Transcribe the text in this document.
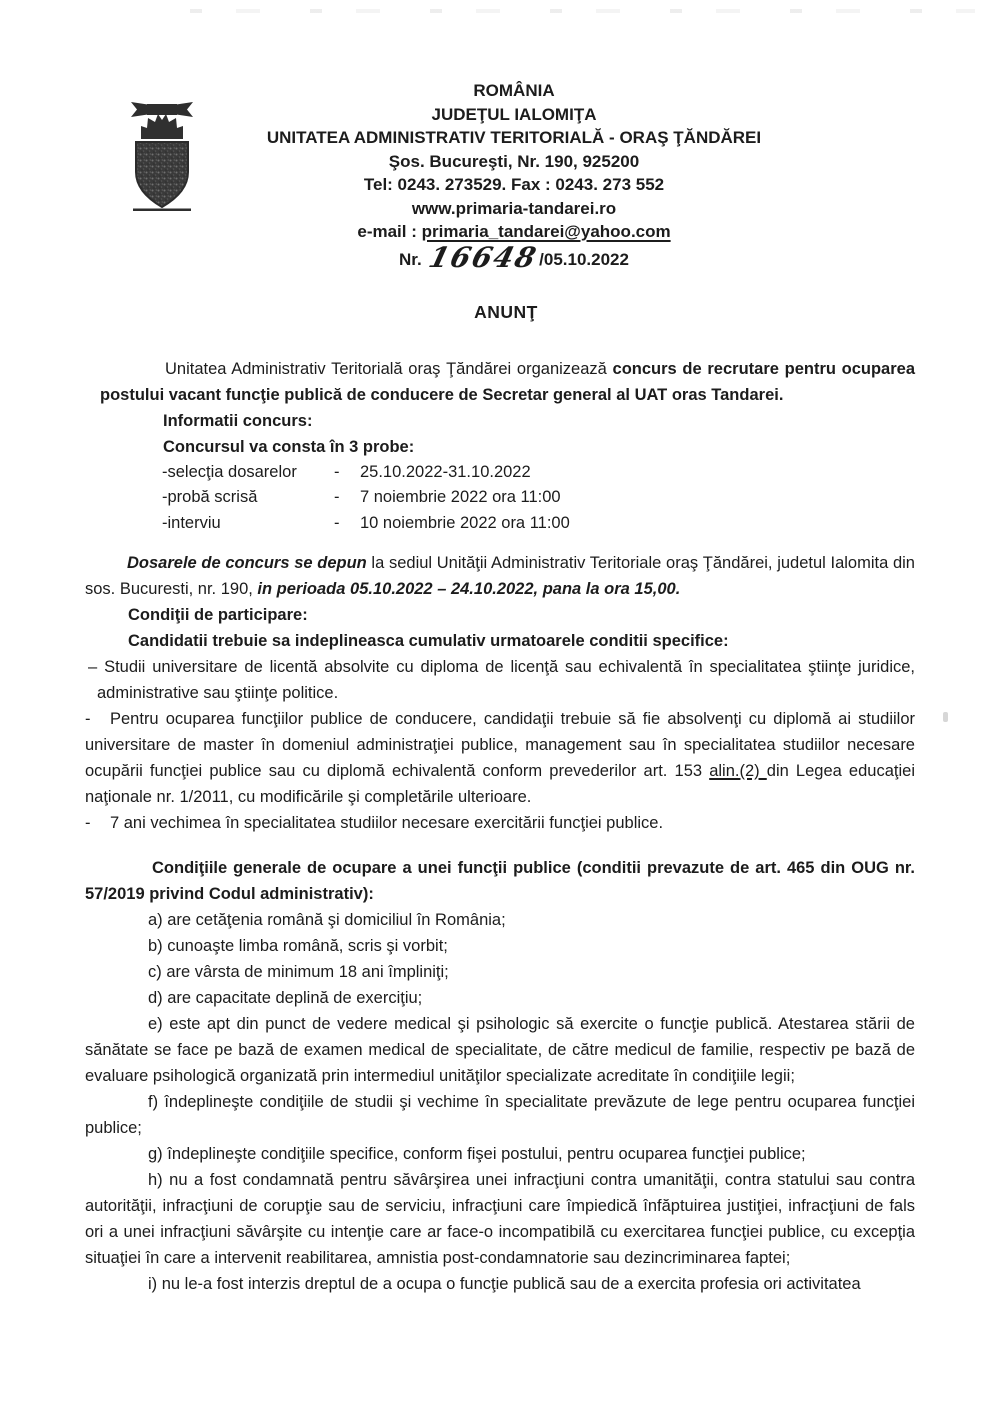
ROMÂNIA
JUDEŢUL IALOMIŢA
UNITATEA ADMINISTRATIV TERITORIALĂ - ORAŞ ŢĂNDĂREI
Şos. Bucureşti, Nr. 190, 925200
Tel: 0243. 273529. Fax : 0243. 273 552
www.primaria-tandarei.ro
e-mail : primaria_tandarei@yahoo.com
Nr. 16648/05.10.2022
ANUNŢ

Unitatea Administrativ Teritorială oraş Ţăndărei organizează concurs de recrutare pentru ocuparea postului vacant funcţie publică de conducere de Secretar general al UAT oras Tandarei.

Informatii concurs:

Concursul va consta în 3 probe:

-selecţia dosarelor	-	25.10.2022-31.10.2022
-probă scrisă	-	7 noiembrie 2022 ora 11:00
-interviu	-	10 noiembrie 2022 ora 11:00

Dosarele de concurs se depun la sediul Unităţii Administrativ Teritoriale oraş Ţăndărei, judetul Ialomita din sos. Bucuresti, nr. 190, in perioada 05.10.2022 – 24.10.2022, pana la ora 15,00.

Condiţii de participare:

Candidatii trebuie sa indeplineasca cumulativ urmatoarele conditii specifice:

– Studii universitare de licentă absolvite cu diploma de licenţă sau echivalentă în specialitatea ştiinţe juridice, administrative sau ştiinţe politice.

- Pentru ocuparea funcţiilor publice de conducere, candidaţii trebuie să fie absolvenţi cu diplomă ai studiilor universitare de master în domeniul administraţiei publice, management sau în specialitatea studiilor necesare ocupării funcţiei publice sau cu diplomă echivalentă conform prevederilor art. 153 alin.(2) din Legea educaţiei naţionale nr. 1/2011, cu modificările şi completările ulterioare.

- 7 ani vechimea în specialitatea studiilor necesare exercitării funcţiei publice.

Condiţiile generale de ocupare a unei funcţii publice (conditii prevazute de art. 465 din OUG nr. 57/2019 privind Codul administrativ):

a) are cetăţenia română şi domiciliul în România;

b) cunoaşte limba română, scris şi vorbit;

c) are vârsta de minimum 18 ani împliniţi;

d) are capacitate deplină de exerciţiu;

e) este apt din punct de vedere medical şi psihologic să exercite o funcţie publică. Atestarea stării de sănătate se face pe bază de examen medical de specialitate, de către medicul de familie, respectiv pe bază de evaluare psihologică organizată prin intermediul unităţilor specializate acreditate în condiţiile legii;

f) îndeplineşte condiţiile de studii şi vechime în specialitate prevăzute de lege pentru ocuparea funcţiei publice;

g) îndeplineşte condiţiile specifice, conform fişei postului, pentru ocuparea funcţiei publice;

h) nu a fost condamnată pentru săvârşirea unei infracţiuni contra umanităţii, contra statului sau contra autorităţii, infracţiuni de corupţie sau de serviciu, infracţiuni care împiedică înfăptuirea justiţiei, infracţiuni de fals ori a unei infracţiuni săvârşite cu intenţie care ar face-o incompatibilă cu exercitarea funcţiei publice, cu excepţia situaţiei în care a intervenit reabilitarea, amnistia post-condamnatorie sau dezincriminarea faptei;

i) nu le-a fost interzis dreptul de a ocupa o funcţie publică sau de a exercita profesia ori activitatea
